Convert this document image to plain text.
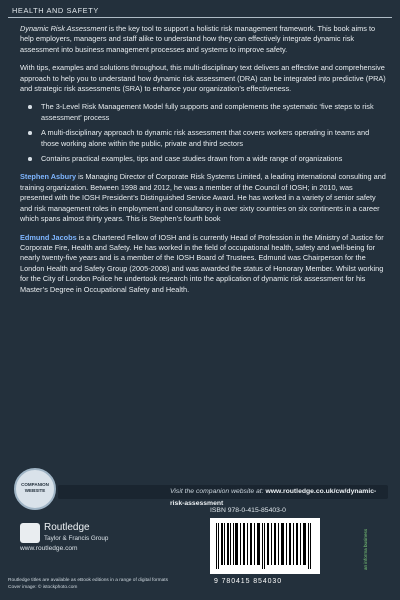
HEALTH AND SAFETY

Dynamic Risk Assessment is the key tool to support a holistic risk management framework. This book aims to help employers, managers and staff alike to understand how they can effectively integrate dynamic risk assessment into business management processes and systems to improve safety.

With tips, examples and solutions throughout, this multi-disciplinary text delivers an effective and comprehensive approach to help you to understand how dynamic risk assessment (DRA) can be integrated into predictive (PRA) and strategic risk assessments (SRA) to enhance your organization’s effectiveness.

The 3-Level Risk Management Model fully supports and complements the systematic ‘five steps to risk assessment’ process
A multi-disciplinary approach to dynamic risk assessment that covers workers operating in teams and those working alone within the public, private and third sectors
Contains practical examples, tips and case studies drawn from a wide range of organizations

Stephen Asbury is Managing Director of Corporate Risk Systems Limited, a leading international consulting and training organization. Between 1998 and 2012, he was a member of the Council of IOSH; in 2010, was presented with the IOSH President’s Distinguished Service Award. He has worked in a variety of senior safety and risk management roles in employment and consultancy in over sixty countries on six continents in a career which spans almost thirty years. This is Stephen’s fourth book

Edmund Jacobs is a Chartered Fellow of IOSH and is currently Head of Profession in the Ministry of Justice for Corporate Fire, Health and Safety. He has worked in the field of occupational health, safety and well-being for nearly twenty-five years and is a member of the IOSH Board of Trustees. Edmund was Chairperson for the London Health and Safety Group (2005-2008) and was awarded the status of Honorary Member. Whilst working for the City of London Police he undertook research into the application of dynamic risk assessment for his Master’s Degree in Occupational Safety and Health.

COMPANION WEBSITE	Visit the companion website at: www.routledge.co.uk/cw/dynamic-risk-assessment
Routledge
Taylor & Francis Group
www.routledge.com
ISBN 978-0-415-85403-0
9 780415 854030
an informa business
Routledge titles are available as eBook editions in a range of digital formats
Cover image: © istockphoto.com
